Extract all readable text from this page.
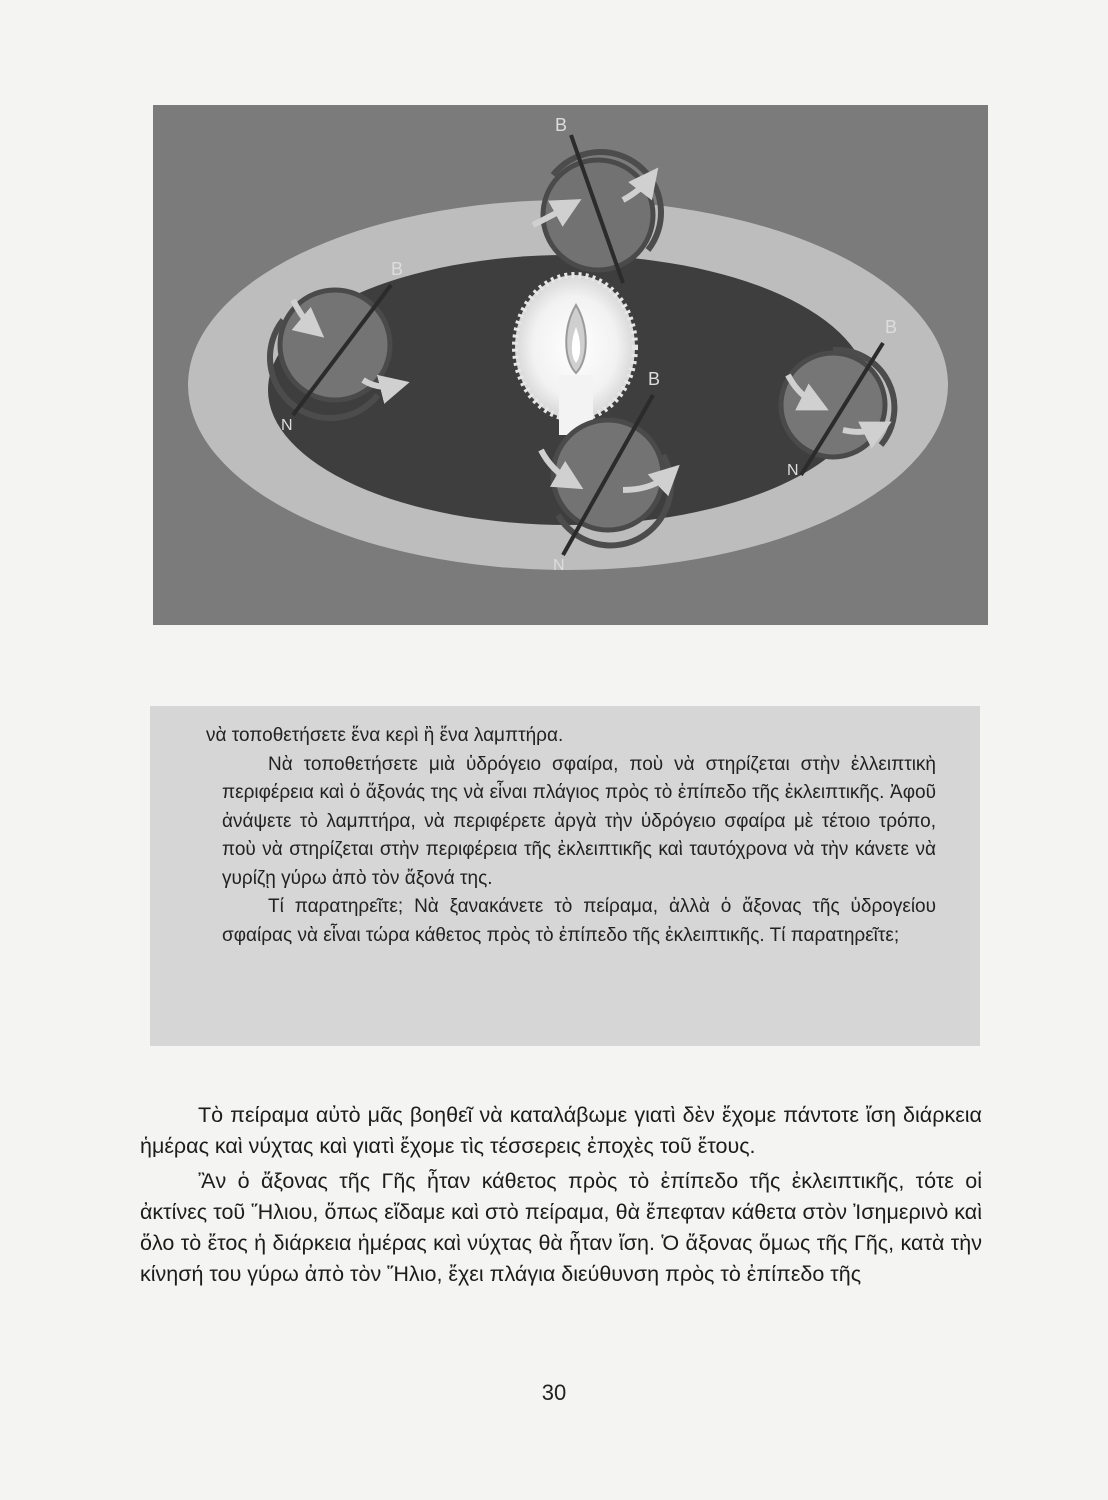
Β
Β
Ν
Β
Ν
Β
Ν

νὰ τοποθετήσετε ἕνα κερὶ ἢ ἕνα λαμπτήρα.

Νὰ τοποθετήσετε μιὰ ὑδρόγειο σφαίρα, ποὺ νὰ στηρίζεται στὴν ἐλλειπτικὴ περιφέρεια καὶ ὁ ἄξονάς της νὰ εἶναι πλάγιος πρὸς τὸ ἐπίπεδο τῆς ἐκλειπτικῆς. Ἀφοῦ ἀνάψετε τὸ λαμπτήρα, νὰ περιφέρετε ἀργὰ τὴν ὑδρόγειο σφαίρα μὲ τέτοιο τρόπο, ποὺ νὰ στηρίζεται στὴν περιφέρεια τῆς ἐκλειπτικῆς καὶ ταυτόχρονα νὰ τὴν κάνετε νὰ γυρίζῃ γύρω ἀπὸ τὸν ἄξονά της.

Τί παρατηρεῖτε; Νὰ ξανακάνετε τὸ πείραμα, ἀλλὰ ὁ ἄξονας τῆς ὑδρογείου σφαίρας νὰ εἶναι τώρα κάθετος πρὸς τὸ ἐπίπεδο τῆς ἐκλειπτικῆς. Τί παρατηρεῖτε;

Τὸ πείραμα αὐτὸ μᾶς βοηθεῖ νὰ καταλάβωμε γιατὶ δὲν ἔχομε πάντοτε ἴση διάρκεια ἡμέρας καὶ νύχτας καὶ γιατὶ ἔχομε τὶς τέσσερεις ἐποχὲς τοῦ ἔτους.

Ἂν ὁ ἄξονας τῆς Γῆς ἦταν κάθετος πρὸς τὸ ἐπίπεδο τῆς ἐκλειπτικῆς, τότε οἱ ἀκτίνες τοῦ Ἥλιου, ὅπως εἴδαμε καὶ στὸ πείραμα, θὰ ἔπεφταν κάθετα στὸν Ἰσημερινὸ καὶ ὅλο τὸ ἔτος ἡ διάρκεια ἡμέρας καὶ νύχτας θὰ ἦταν ἴση. Ὁ ἄξονας ὅμως τῆς Γῆς, κατὰ τὴν κίνησή του γύρω ἀπὸ τὸν Ἥλιο, ἔχει πλάγια διεύθυνση πρὸς τὸ ἐπίπεδο τῆς

30
